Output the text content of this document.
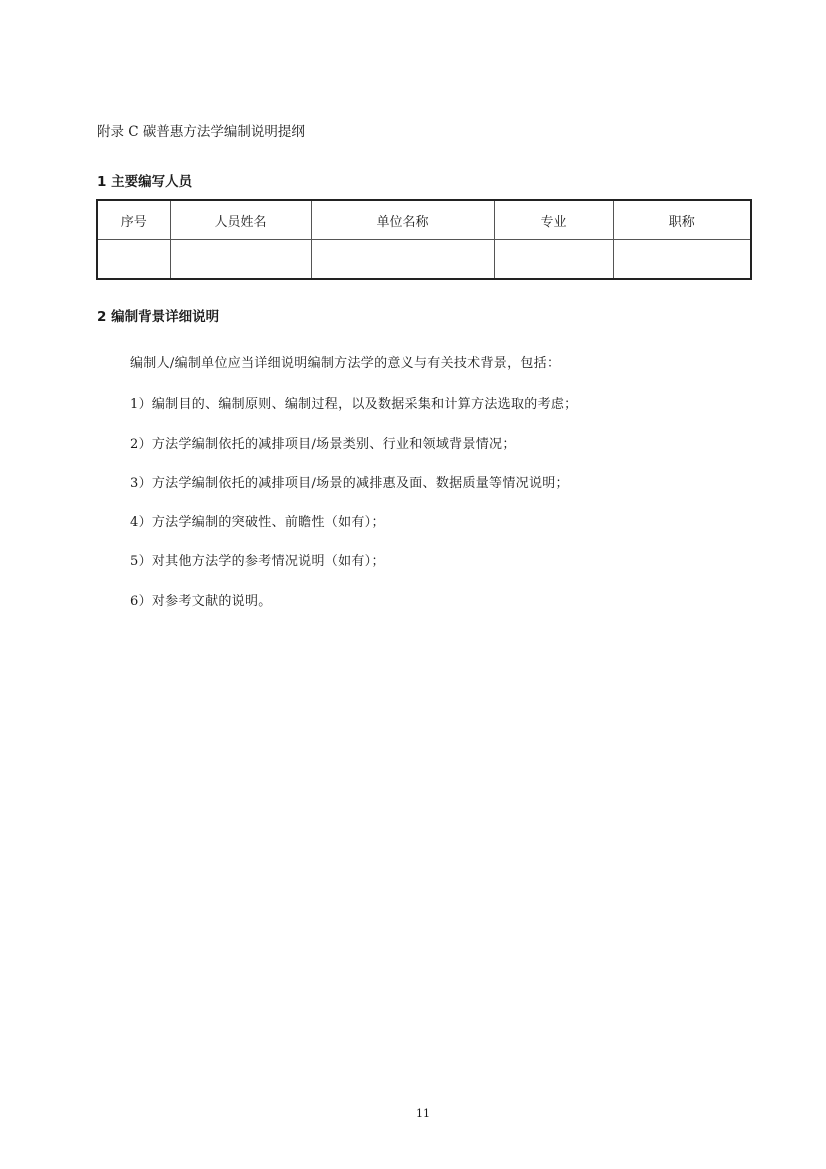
附录 C 碳普惠方法学编制说明提纲
1 主要编写人员
序号	人员姓名	单位名称	专业	职称

2 编制背景详细说明
编制人/编制单位应当详细说明编制方法学的意义与有关技术背景，包括：
1）编制目的、编制原则、编制过程，以及数据采集和计算方法选取的考虑；
2）方法学编制依托的减排项目/场景类别、行业和领域背景情况；
3）方法学编制依托的减排项目/场景的减排惠及面、数据质量等情况说明；
4）方法学编制的突破性、前瞻性（如有）；
5）对其他方法学的参考情况说明（如有）；
6）对参考文献的说明。
11
